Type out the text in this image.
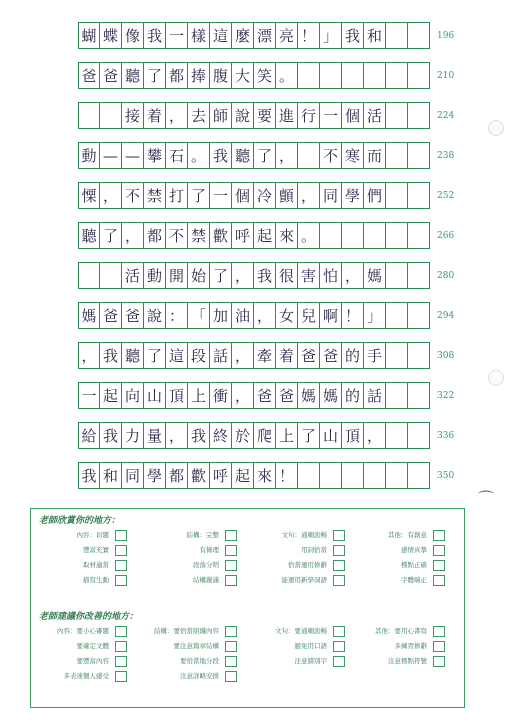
蝴 蝶 像 我 一 樣 這 麼 漂 亮 ！ 」 我 和	196
爸 爸 聽 了 都 捧 腹 大 笑 。	210
接 着 ， 去 師 說 要 進 行 一 個 活	224
動 — — 攀 石 。 我 聽 了 ， 不 寒 而	238
慄 ， 不 禁 打 了 一 個 冷 顫 ， 同 學 們	252
聽 了 ， 都 不 禁 歡 呼 起 來 。	266
活 動 開 始 了 ， 我 很 害 怕 ， 媽	280
媽 爸 爸 說 ： 「 加 油 ， 女 兒 啊 ！ 」	294
， 我 聽 了 這 段 話 ， 牽 着 爸 爸 的 手	308
一 起 向 山 頂 上 衝 ， 爸 爸 媽 媽 的 話	322
給 我 力 量 ， 我 終 於 爬 上 了 山 頂 ，	336
我 和 同 學 都 歡 呼 起 來 ！	350
⌒
老師欣賞你的地方：
老師建議你改善的地方：
內容：切題
豐富充實
取材適當
描寫生動
結構：完整
有條理
段落分明
結構嚴謹
文句：通順流暢
用詞恰當
恰當運用修辭
能運用新學詞語
其他：有創意
感情真摯
標點正確
字體端正
內容：要小心審題
要確定文體
要豐富內容
多表達個人感受
結構：要恰當組織內容
要注意篇章結構
要恰當地分段
注意詳略安排
文句：要通順流暢
避免用口語
注意錯別字
其他：要用心書寫
多練習修辭
注意標點符號
